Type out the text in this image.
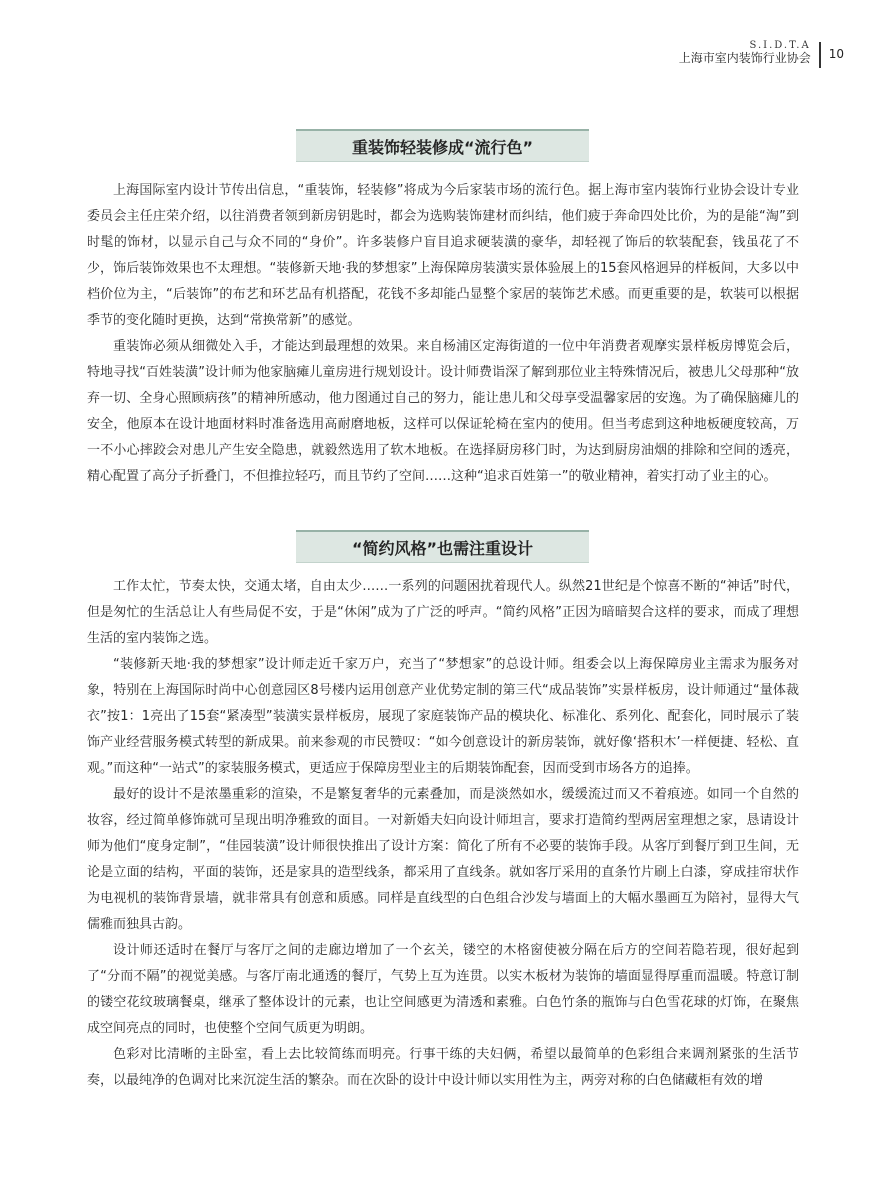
S.I.D.T.A
上海市室内装饰行业协会 10
重装饰轻装修成“流行色”

上海国际室内设计节传出信息，“重装饰，轻装修”将成为今后家装市场的流行色。据上海市室内装饰行业协会设计专业委员会主任庄荣介绍，以往消费者领到新房钥匙时，都会为选购装饰建材而纠结，他们疲于奔命四处比价，为的是能“淘”到时髦的饰材，以显示自己与众不同的“身价”。许多装修户盲目追求硬装潢的豪华，却轻视了饰后的软装配套，钱虽花了不少，饰后装饰效果也不太理想。“装修新天地·我的梦想家”上海保障房装潢实景体验展上的15套风格迥异的样板间，大多以中档价位为主，“后装饰”的布艺和环艺品有机搭配，花钱不多却能凸显整个家居的装饰艺术感。而更重要的是，软装可以根据季节的变化随时更换，达到“常换常新”的感觉。

重装饰必须从细微处入手，才能达到最理想的效果。来自杨浦区定海街道的一位中年消费者观摩实景样板房博览会后，特地寻找“百姓装潢”设计师为他家脑瘫儿童房进行规划设计。设计师费诣深了解到那位业主特殊情况后，被患儿父母那种“放弃一切、全身心照顾病孩”的精神所感动，他力图通过自己的努力，能让患儿和父母享受温馨家居的安逸。为了确保脑瘫儿的安全，他原本在设计地面材料时准备选用高耐磨地板，这样可以保证轮椅在室内的使用。但当考虑到这种地板硬度较高，万一不小心摔跤会对患儿产生安全隐患，就毅然选用了软木地板。在选择厨房移门时，为达到厨房油烟的排除和空间的透亮，精心配置了高分子折叠门，不但推拉轻巧，而且节约了空间……这种“追求百姓第一”的敬业精神，着实打动了业主的心。

“简约风格”也需注重设计

工作太忙，节奏太快，交通太堵，自由太少……一系列的问题困扰着现代人。纵然21世纪是个惊喜不断的“神话”时代，但是匆忙的生活总让人有些局促不安，于是“休闲”成为了广泛的呼声。“简约风格”正因为暗暗契合这样的要求，而成了理想生活的室内装饰之选。

“装修新天地·我的梦想家”设计师走近千家万户，充当了“梦想家”的总设计师。组委会以上海保障房业主需求为服务对象，特别在上海国际时尚中心创意园区8号楼内运用创意产业优势定制的第三代“成品装饰”实景样板房，设计师通过“量体裁衣”按1：1亮出了15套“紧凑型”装潢实景样板房，展现了家庭装饰产品的模块化、标准化、系列化、配套化，同时展示了装饰产业经营服务模式转型的新成果。前来参观的市民赞叹：“如今创意设计的新房装饰，就好像‘搭积木’一样便捷、轻松、直观。”而这种“一站式”的家装服务模式，更适应于保障房型业主的后期装饰配套，因而受到市场各方的追捧。

最好的设计不是浓墨重彩的渲染，不是繁复奢华的元素叠加，而是淡然如水，缓缓流过而又不着痕迹。如同一个自然的妆容，经过简单修饰就可呈现出明净雅致的面目。一对新婚夫妇向设计师坦言，要求打造简约型两居室理想之家，恳请设计师为他们“度身定制”，“佳园装潢”设计师很快推出了设计方案：简化了所有不必要的装饰手段。从客厅到餐厅到卫生间，无论是立面的结构，平面的装饰，还是家具的造型线条，都采用了直线条。就如客厅采用的直条竹片刷上白漆，穿成挂帘状作为电视机的装饰背景墙，就非常具有创意和质感。同样是直线型的白色组合沙发与墙面上的大幅水墨画互为陪衬，显得大气儒雅而独具古韵。

设计师还适时在餐厅与客厅之间的走廊边增加了一个玄关，镂空的木格窗使被分隔在后方的空间若隐若现，很好起到了“分而不隔”的视觉美感。与客厅南北通透的餐厅，气势上互为连贯。以实木板材为装饰的墙面显得厚重而温暖。特意订制的镂空花纹玻璃餐桌，继承了整体设计的元素，也让空间感更为清透和素雅。白色竹条的瓶饰与白色雪花球的灯饰，在聚焦成空间亮点的同时，也使整个空间气质更为明朗。

色彩对比清晰的主卧室，看上去比较简练而明亮。行事干练的夫妇俩，希望以最简单的色彩组合来调剂紧张的生活节奏，以最纯净的色调对比来沉淀生活的繁杂。而在次卧的设计中设计师以实用性为主，两旁对称的白色储藏柜有效的增
